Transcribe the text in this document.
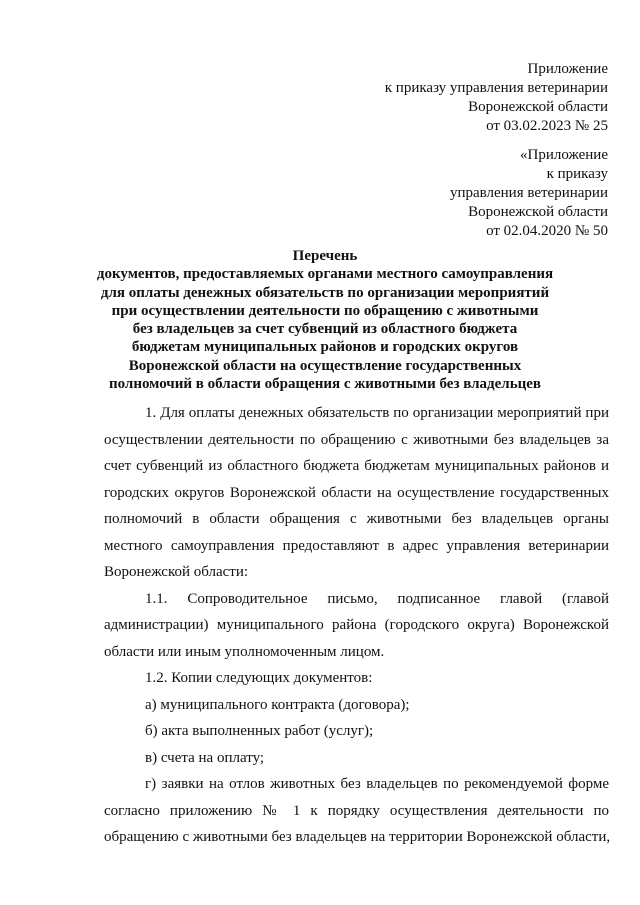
Приложение
к приказу управления ветеринарии
Воронежской области
от 03.02.2023 № 25
«Приложение
к приказу
управления ветеринарии
Воронежской области
от 02.04.2020 № 50
Перечень
документов, предоставляемых органами местного самоуправления
для оплаты денежных обязательств по организации мероприятий
при осуществлении деятельности по обращению с животными
без владельцев за счет субвенций из областного бюджета
бюджетам муниципальных районов и городских округов
Воронежской области на осуществление государственных
полномочий в области обращения с животными без владельцев
1. Для оплаты денежных обязательств по организации мероприятий при
осуществлении деятельности по обращению с животными без владельцев за
счет субвенций из областного бюджета бюджетам муниципальных районов и
городских округов Воронежской области на осуществление государственных
полномочий в области обращения с животными без владельцев органы
местного самоуправления предоставляют в адрес управления ветеринарии
Воронежской области:
1.1. Сопроводительное письмо, подписанное главой (главой
администрации) муниципального района (городского округа) Воронежской
области или иным уполномоченным лицом.
1.2. Копии следующих документов:
а) муниципального контракта (договора);
б) акта выполненных работ (услуг);
в) счета на оплату;
г) заявки на отлов животных без владельцев по рекомендуемой форме
согласно приложению № 1 к порядку осуществления деятельности по
обращению с животными без владельцев на территории Воронежской области,
